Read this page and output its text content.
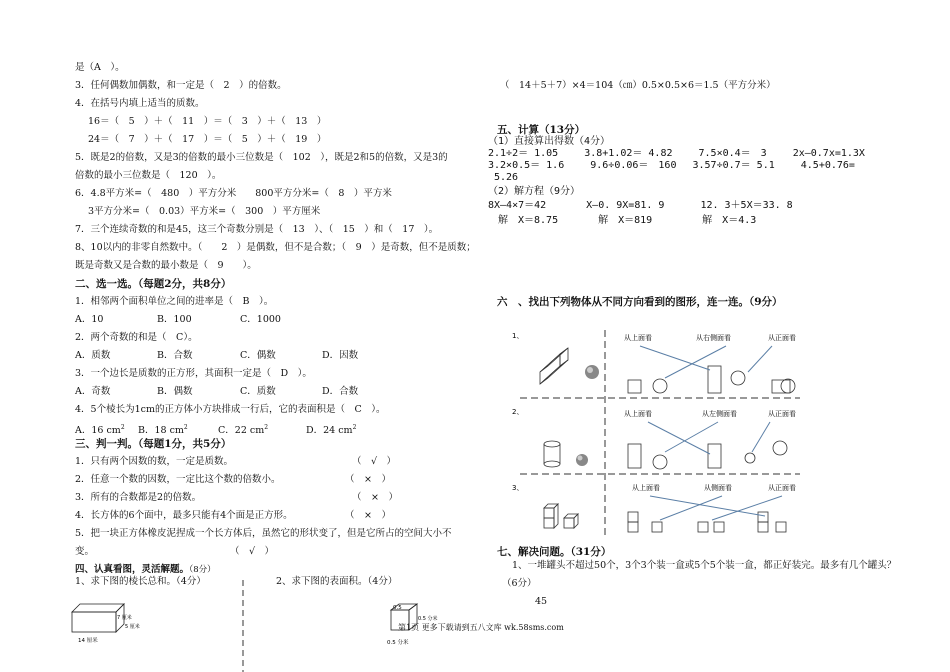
是（A　）。
3．任何偶数加偶数，和一定是（　2　）的倍数。
4．在括号内填上适当的质数。
16＝（　5　）＋（　11　）＝（　3　）＋（　13　）
24＝（　7　）＋（　17　）＝（　5　）＋（　19　）
5．既是2的倍数，又是3的倍数的最小三位数是（　102　），既是2和5的倍数，又是3的
倍数的最小三位数是（　120　）。
6．4.8平方米=（　480　）平方分米　　800平方分米=（　8　）平方米
3平方分米=（　0.03）平方米=（　300　）平方厘米
7．三个连续奇数的和是45，这三个奇数分别是（　13　）、（　15　）和（　17　）。
8、10以内的非零自然数中。（　　2　）是偶数，但不是合数；（　9　）是奇数，但不是质数；
既是奇数又是合数的最小数是（　9　　）。
二、选一选。（每题2分，共8分）
1．相邻两个面积单位之间的进率是（　B　）。
A．10	B．100	C．1000
2．两个奇数的和是（　C）。
A．质数	B．合数	C．偶数	D．因数
3．一个边长是质数的正方形，其面积一定是（　D　）。
A．奇数	B．偶数	C．质数	D．合数
4．5个棱长为1cm的正方体小方块排成一行后，它的表面积是（　C　）。
A．16 $cm^2$ B．18 $cm^2$	C．22 $cm^2$	D．24 $cm^2$
三、判一判。（每题1分，共5分）
1．只有两个因数的数，一定是质数。	（　√　）
2．任意一个数的因数，一定比这个数的倍数小。	（　×　）
3．所有的合数都是2的倍数。	（　×　）
4．长方体的6个面中，最多只能有4个面是正方形。	（　×　）
5．把一块正方体橡皮泥捏成一个长方体后，虽然它的形状变了，但是它所占的空间大小不
变。	（　√　）
四、认真看图，灵活解题。（8分）
1、求下图的棱长总和。（4分）	2、求下图的表面积。（4分）
14 厘米
7 厘米
5 厘米
0.5
0.5 分米
0.5 分米
（　14＋5＋7）×4＝104（㎝）0.5×0.5×6＝1.5（平方分米）
五、计算（13分）
（1）直接算出得数（4分）
2.1÷2＝ 1.05　　 3.8+1.02＝ 4.82　　 7.5×0.4＝　3　　 2x—0.7x=1.3X
3.2×0.5＝ 1.6　　 9.6÷0.06＝　160　 3.57÷0.7＝ 5.1　　 4.5+0.76=
5.26
（2）解方程（9分）
8X—4×7＝42　　　　X—0. 9X=81. 9　　　 12. 3＋5X＝33. 8
　解　X＝8.75　　　　解　X＝819　　　　　解　X＝4.3
六　、找出下列物体从不同方向看到的图形，连一连。（9分）
1、
2、
3、
从上面看	从右侧面看	从正面看
从上面看	从左侧面看	从正面看
从上面看	从侧面看	从正面看
七、解决问题。（31分）
1、一堆罐头不超过50个，3个3个装一盒或5个5个装一盒，都正好装完。最多有几个罐头？
（6分）
45
第1页 更多下载请到五八文库 wk.58sms.com
